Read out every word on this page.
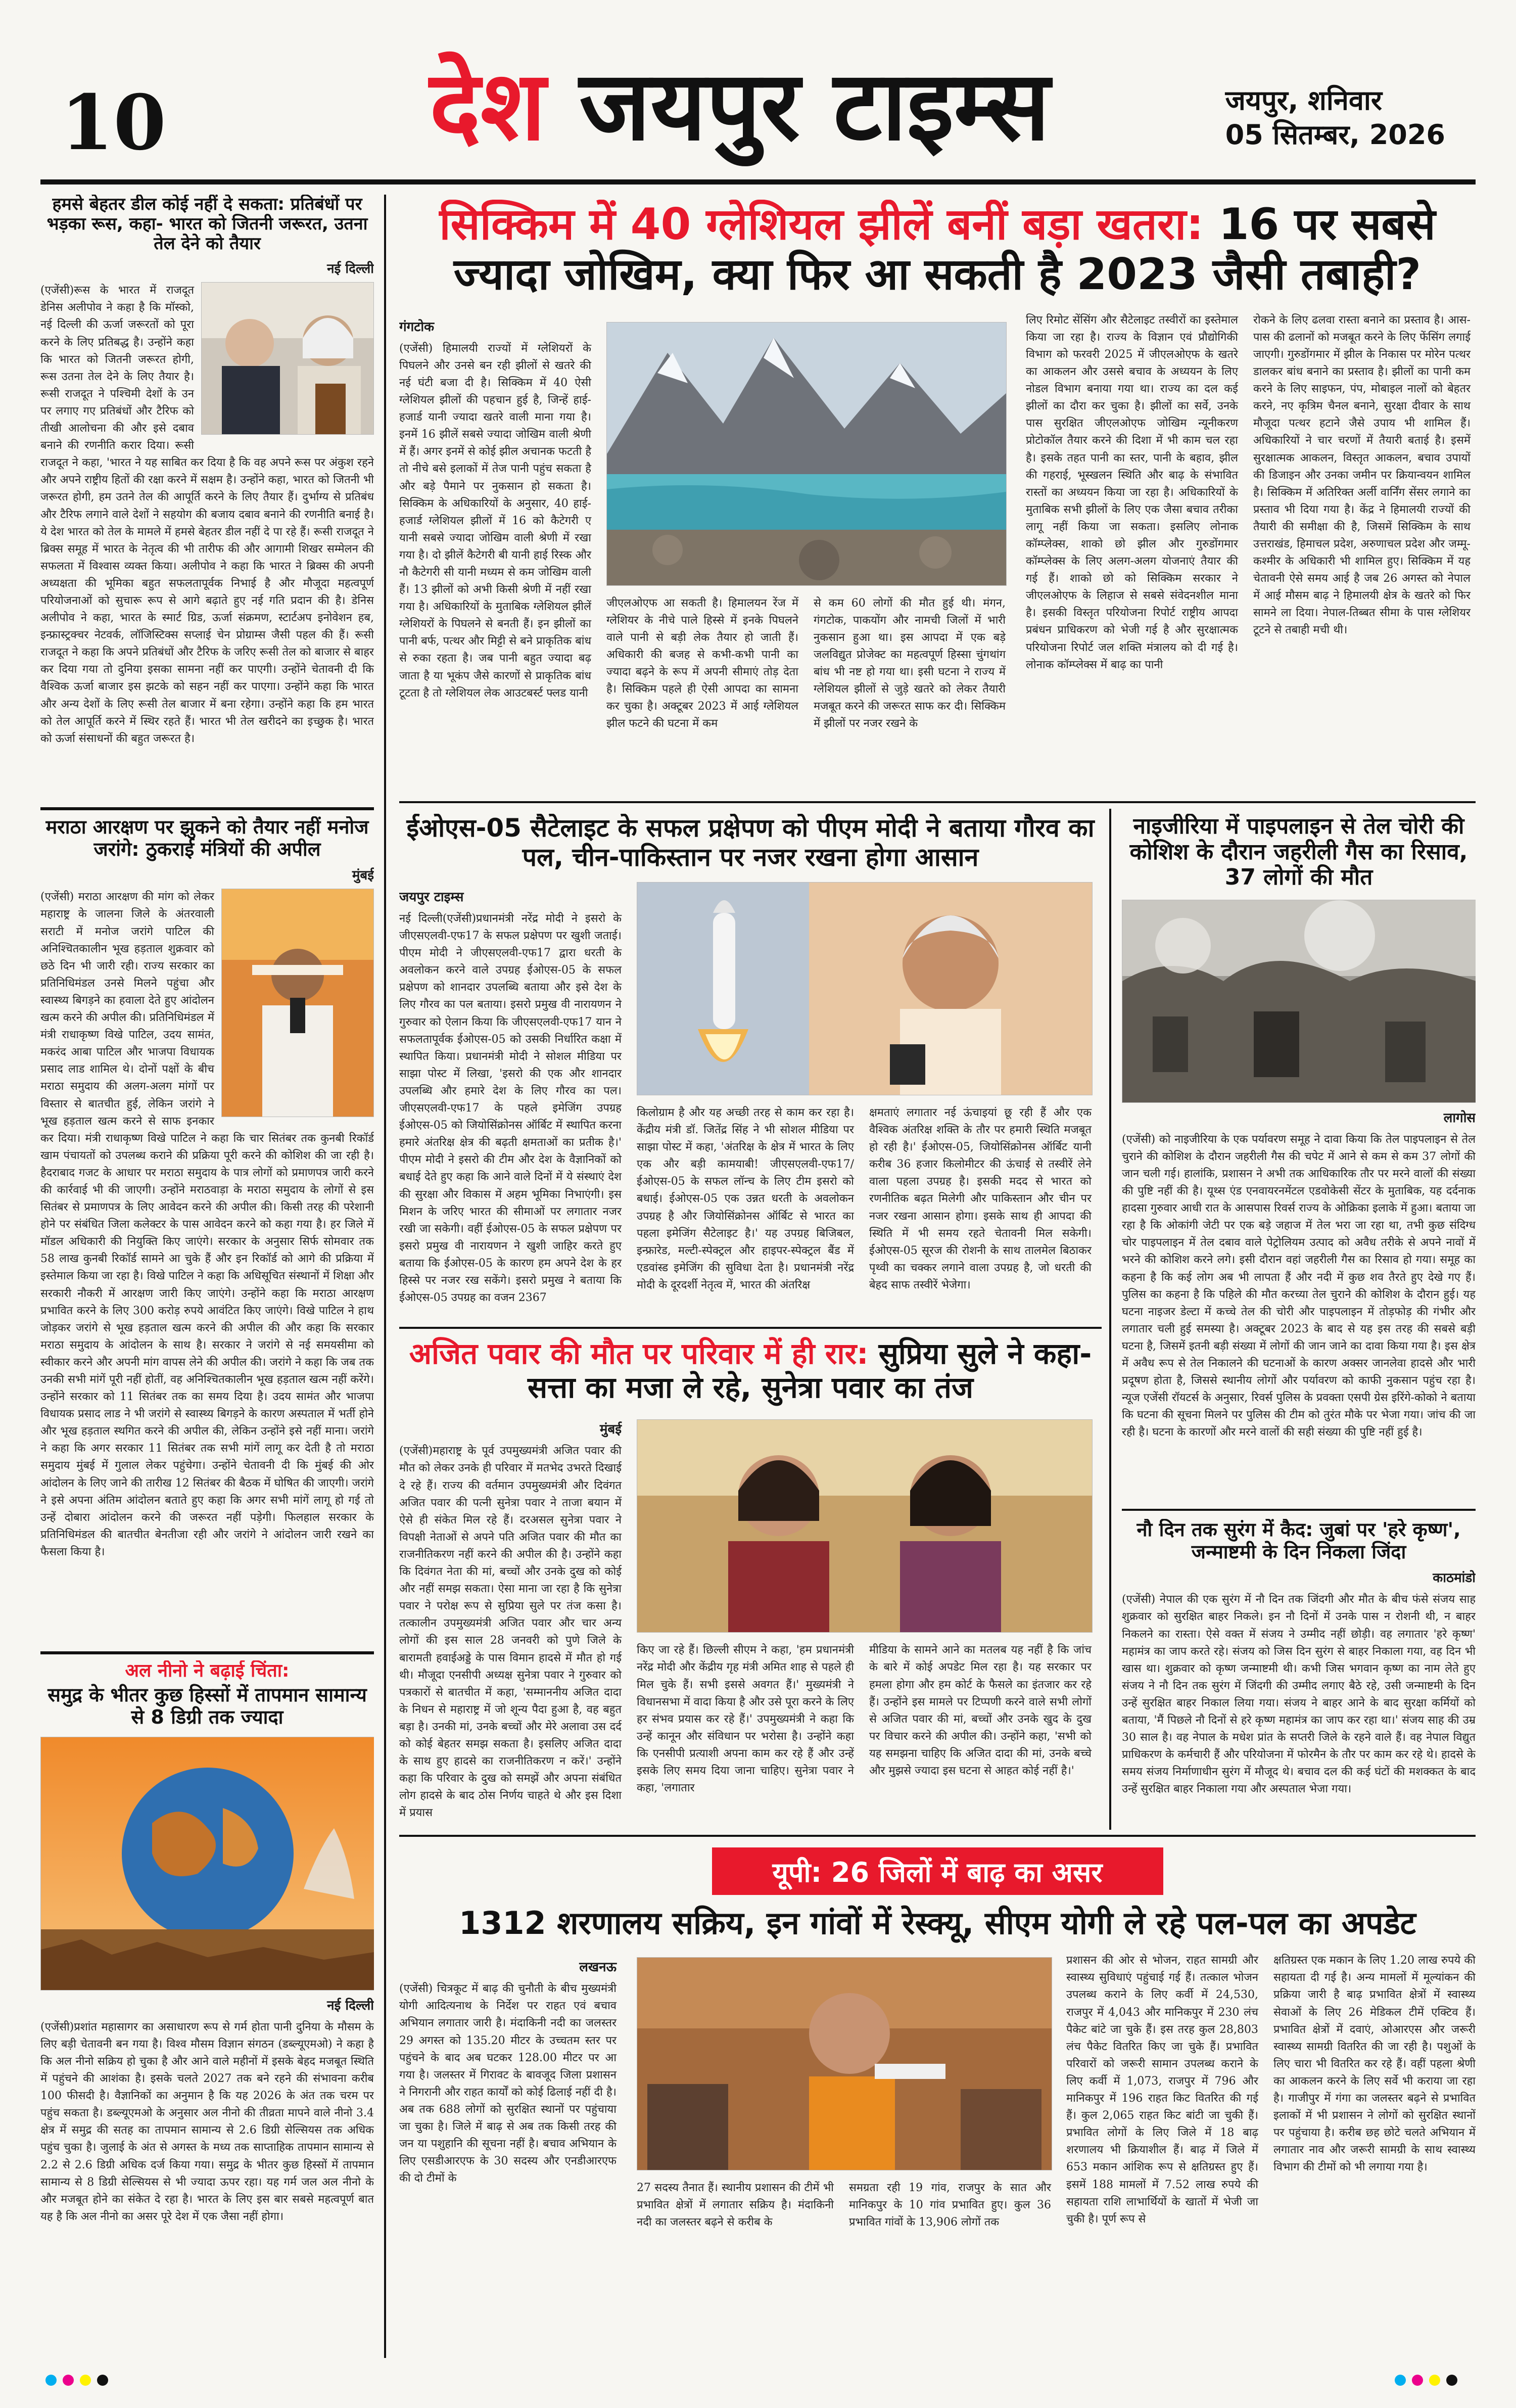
10	देश जयपुर टाइम्स	जयपुर, शनिवार
05 सितम्बर, 2026
हमसे बेहतर डील कोई नहीं दे सकता: प्रतिबंधों पर भड़का रूस, कहा- भारत को जितनी जरूरत, उतना तेल देने को तैयार
नई दिल्ली
(एजेंसी)रूस के भारत में राजदूत डेनिस अलीपोव ने कहा है कि मॉस्को, नई दिल्ली की ऊर्जा जरूरतों को पूरा करने के लिए प्रतिबद्ध है। उन्होंने कहा कि भारत को जितनी जरूरत होगी, रूस उतना तेल देने के लिए तैयार है। रूसी राजदूत ने पश्चिमी देशों के उन पर लगाए गए प्रतिबंधों और टैरिफ को तीखी आलोचना की और इसे दबाव बनाने की रणनीति करार दिया। रूसी राजदूत ने कहा, 'भारत ने यह साबित कर दिया है कि वह अपने रूस पर अंकुश रहने और अपने राष्ट्रीय हितों की रक्षा करने में सक्षम है। उन्होंने कहा, भारत को जितनी भी जरूरत होगी, हम उतने तेल की आपूर्ति करने के लिए तैयार हैं। दुर्भाग्य से प्रतिबंध और टैरिफ लगाने वाले देशों ने सहयोग की बजाय दबाव बनाने की रणनीति बनाई है। ये देश भारत को तेल के मामले में हमसे बेहतर डील नहीं दे पा रहे हैं। रूसी राजदूत ने ब्रिक्स समूह में भारत के नेतृत्व की भी तारीफ की और आगामी शिखर सम्मेलन की सफलता में विश्वास व्यक्त किया। अलीपोव ने कहा कि भारत ने ब्रिक्स की अपनी अध्यक्षता की भूमिका बहुत सफलतापूर्वक निभाई है और मौजूदा महत्वपूर्ण परियोजनाओं को सुचारू रूप से आगे बढ़ाते हुए नई गति प्रदान की है। डेनिस अलीपोव ने कहा, भारत के स्मार्ट ग्रिड, ऊर्जा संक्रमण, स्टार्टअप इनोवेशन हब, इन्फ्रास्ट्रक्चर नेटवर्क, लॉजिस्टिक्स सप्लाई चेन प्रोग्राम्स जैसी पहल की हैं। रूसी राजदूत ने कहा कि अपने प्रतिबंधों और टैरिफ के जरिए रूसी तेल को बाजार से बाहर कर दिया गया तो दुनिया इसका सामना नहीं कर पाएगी। उन्होंने चेतावनी दी कि वैश्विक ऊर्जा बाजार इस झटके को सहन नहीं कर पाएगा। उन्होंने कहा कि भारत और अन्य देशों के लिए रूसी तेल बाजार में बना रहेगा। उन्होंने कहा कि हम भारत को तेल आपूर्ति करने में स्थिर रहते हैं। भारत भी तेल खरीदने का इच्छुक है। भारत को ऊर्जा संसाधनों की बहुत जरूरत है।
मराठा आरक्षण पर झुकने को तैयार नहीं मनोज जरांगे: ठुकराई मंत्रियों की अपील
मुंबई
(एजेंसी) मराठा आरक्षण की मांग को लेकर महाराष्ट्र के जालना जिले के अंतरवाली सराटी में मनोज जरांगे पाटिल की अनिश्चितकालीन भूख हड़ताल शुक्रवार को छठे दिन भी जारी रही। राज्य सरकार का प्रतिनिधिमंडल उनसे मिलने पहुंचा और स्वास्थ्य बिगड़ने का हवाला देते हुए आंदोलन खत्म करने की अपील की। प्रतिनिधिमंडल में मंत्री राधाकृष्ण विखे पाटिल, उदय सामंत, मकरंद आबा पाटिल और भाजपा विधायक प्रसाद लाड शामिल थे। दोनों पक्षों के बीच मराठा समुदाय की अलग-अलग मांगों पर विस्तार से बातचीत हुई, लेकिन जरांगे ने भूख हड़ताल खत्म करने से साफ इनकार कर दिया। मंत्री राधाकृष्ण विखे पाटिल ने कहा कि चार सितंबर तक कुनबी रिकॉर्ड खाम पंचायतों को उपलब्ध कराने की प्रक्रिया पूरी करने की कोशिश की जा रही है। हैदराबाद गजट के आधार पर मराठा समुदाय के पात्र लोगों को प्रमाणपत्र जारी करने की कार्रवाई भी की जाएगी। उन्होंने मराठवाड़ा के मराठा समुदाय के लोगों से इस सितंबर से प्रमाणपत्र के लिए आवेदन करने की अपील की। किसी तरह की परेशानी होने पर संबंधित जिला कलेक्टर के पास आवेदन करने को कहा गया है। हर जिले में मॉडल अधिकारी की नियुक्ति किए जाएंगे। सरकार के अनुसार सिर्फ सोमवार तक 58 लाख कुनबी रिकॉर्ड सामने आ चुके हैं और इन रिकॉर्ड को आगे की प्रक्रिया में इस्तेमाल किया जा रहा है। विखे पाटिल ने कहा कि अधिसूचित संस्थानों में शिक्षा और सरकारी नौकरी में आरक्षण जारी किए जाएंगे। उन्होंने कहा कि मराठा आरक्षण प्रभावित करने के लिए 300 करोड़ रुपये आवंटित किए जाएंगे। विखे पाटिल ने हाथ जोड़कर जरांगे से भूख हड़ताल खत्म करने की अपील की और कहा कि सरकार मराठा समुदाय के आंदोलन के साथ है। सरकार ने जरांगे से नई समयसीमा को स्वीकार करने और अपनी मांग वापस लेने की अपील की। जरांगे ने कहा कि जब तक उनकी सभी मांगें पूरी नहीं होतीं, वह अनिश्चितकालीन भूख हड़ताल खत्म नहीं करेंगे। उन्होंने सरकार को 11 सितंबर तक का समय दिया है। उदय सामंत और भाजपा विधायक प्रसाद लाड ने भी जरांगे से स्वास्थ्य बिगड़ने के कारण अस्पताल में भर्ती होने और भूख हड़ताल स्थगित करने की अपील की, लेकिन उन्होंने इसे नहीं माना। जरांगे ने कहा कि अगर सरकार 11 सितंबर तक सभी मांगें लागू कर देती है तो मराठा समुदाय मुंबई में गुलाल लेकर पहुंचेगा। उन्होंने चेतावनी दी कि मुंबई की ओर आंदोलन के लिए जाने की तारीख 12 सितंबर की बैठक में घोषित की जाएगी। जरांगे ने इसे अपना अंतिम आंदोलन बताते हुए कहा कि अगर सभी मांगें लागू हो गई तो उन्हें दोबारा आंदोलन करने की जरूरत नहीं पड़ेगी। फिलहाल सरकार के प्रतिनिधिमंडल की बातचीत बेनतीजा रही और जरांगे ने आंदोलन जारी रखने का फैसला किया है।
अल नीनो ने बढ़ाई चिंता:
समुद्र के भीतर कुछ हिस्सों में तापमान सामान्य से 8 डिग्री तक ज्यादा
नई दिल्ली
(एजेंसी)प्रशांत महासागर का असाधारण रूप से गर्म होता पानी दुनिया के मौसम के लिए बड़ी चेतावनी बन गया है। विश्व मौसम विज्ञान संगठन (डब्ल्यूएमओ) ने कहा है कि अल नीनो सक्रिय हो चुका है और आने वाले महीनों में इसके बेहद मजबूत स्थिति में पहुंचने की आशंका है। इसके चलते 2027 तक बने रहने की संभावना करीब 100 फीसदी है। वैज्ञानिकों का अनुमान है कि यह 2026 के अंत तक चरम पर पहुंच सकता है। डब्ल्यूएमओ के अनुसार अल नीनो की तीव्रता मापने वाले नीनो 3.4 क्षेत्र में समुद्र की सतह का तापमान सामान्य से 2.6 डिग्री सेल्सियस तक अधिक पहुंच चुका है। जुलाई के अंत से अगस्त के मध्य तक साप्ताहिक तापमान सामान्य से 2.2 से 2.6 डिग्री अधिक दर्ज किया गया। समुद्र के भीतर कुछ हिस्सों में तापमान सामान्य से 8 डिग्री सेल्सियस से भी ज्यादा ऊपर रहा। यह गर्म जल अल नीनो के और मजबूत होने का संकेत दे रहा है। भारत के लिए इस बार सबसे महत्वपूर्ण बात यह है कि अल नीनो का असर पूरे देश में एक जैसा नहीं होगा।
सिक्किम में 40 ग्लेशियल झीलें बनीं बड़ा खतरा: 16 पर सबसे ज्यादा जोखिम, क्या फिर आ सकती है 2023 जैसी तबाही?
गंगटोक
(एजेंसी) हिमालयी राज्यों में ग्लेशियरों के पिघलने और उनसे बन रही झीलों से खतरे की नई घंटी बजा दी है। सिक्किम में 40 ऐसी ग्लेशियल झीलों की पहचान हुई है, जिन्हें हाई-हजार्ड यानी ज्यादा खतरे वाली माना गया है। इनमें 16 झीलें सबसे ज्यादा जोखिम वाली श्रेणी में हैं। अगर इनमें से कोई झील अचानक फटती है तो नीचे बसे इलाकों में तेज पानी पहुंच सकता है और बड़े पैमाने पर नुकसान हो सकता है। सिक्किम के अधिकारियों के अनुसार, 40 हाई-हजार्ड ग्लेशियल झीलों में 16 को कैटेगरी ए यानी सबसे ज्यादा जोखिम वाली श्रेणी में रखा गया है। दो झीलें कैटेगरी बी यानी हाई रिस्क और नौ कैटेगरी सी यानी मध्यम से कम जोखिम वाली हैं। 13 झीलों को अभी किसी श्रेणी में नहीं रखा गया है। अधिकारियों के मुताबिक ग्लेशियल झीलें ग्लेशियरों के पिघलने से बनती हैं। इन झीलों का पानी बर्फ, पत्थर और मिट्टी से बने प्राकृतिक बांध से रुका रहता है। जब पानी बहुत ज्यादा बढ़ जाता है या भूकंप जैसे कारणों से प्राकृतिक बांध टूटता है तो ग्लेशियल लेक आउटबर्स्ट फ्लड यानी
जीएलओएफ आ सकती है। हिमालयन रेंज में ग्लेशियर के नीचे पाले हिस्से में इनके पिघलने वाले पानी से बड़ी लेक तैयार हो जाती हैं। अधिकारी की बजह से कभी-कभी पानी का ज्यादा बढ़ने के रूप में अपनी सीमाएं तोड़ देता है। सिक्किम पहले ही ऐसी आपदा का सामना कर चुका है। अक्टूबर 2023 में आई ग्लेशियल झील फटने की घटना में कम
से कम 60 लोगों की मौत हुई थी। मंगन, गंगटोक, पाकयोंग और नामची जिलों में भारी नुकसान हुआ था। इस आपदा में एक बड़े जलविद्युत प्रोजेक्ट का महत्वपूर्ण हिस्सा चुंगथांग बांध भी नष्ट हो गया था। इसी घटना ने राज्य में ग्लेशियल झीलों से जुड़े खतरे को लेकर तैयारी मजबूत करने की जरूरत साफ कर दी। सिक्किम में झीलों पर नजर रखने के
लिए रिमोट सेंसिंग और सैटेलाइट तस्वीरों का इस्तेमाल किया जा रहा है। राज्य के विज्ञान एवं प्रौद्योगिकी विभाग को फरवरी 2025 में जीएलओएफ के खतरे का आकलन और उससे बचाव के अध्ययन के लिए नोडल विभाग बनाया गया था। राज्य का दल कई झीलों का दौरा कर चुका है। झीलों का सर्वे, उनके पास सुरक्षित जीएलओएफ जोखिम न्यूनीकरण प्रोटोकॉल तैयार करने की दिशा में भी काम चल रहा है। इसके तहत पानी का स्तर, पानी के बहाव, झील की गहराई, भूस्खलन स्थिति और बाढ़ के संभावित रास्तों का अध्ययन किया जा रहा है। अधिकारियों के मुताबिक सभी झीलों के लिए एक जैसा बचाव तरीका लागू नहीं किया जा सकता। इसलिए लोनाक कॉम्प्लेक्स, शाको छो झील और गुरुडोंगमार कॉम्प्लेक्स के लिए अलग-अलग योजनाएं तैयार की गई हैं। शाको छो को सिक्किम सरकार ने जीएलओएफ के लिहाज से सबसे संवेदनशील माना है। इसकी विस्तृत परियोजना रिपोर्ट राष्ट्रीय आपदा प्रबंधन प्राधिकरण को भेजी गई है और सुरक्षात्मक परियोजना रिपोर्ट जल शक्ति मंत्रालय को दी गई है। लोनाक कॉम्प्लेक्स में बाढ़ का पानी
रोकने के लिए ढलवा रास्ता बनाने का प्रस्ताव है। आस-पास की ढलानों को मजबूत करने के लिए फेंसिंग लगाई जाएगी। गुरुडोंगमार में झील के निकास पर मोरेन पत्थर डालकर बांध बनाने का प्रस्ताव है। झीलों का पानी कम करने के लिए साइफन, पंप, मोबाइल नालों को बेहतर करने, नए कृत्रिम चैनल बनाने, सुरक्षा दीवार के साथ मौजूदा पत्थर हटाने जैसे उपाय भी शामिल हैं। अधिकारियों ने चार चरणों में तैयारी बताई है। इसमें सुरक्षात्मक आकलन, विस्तृत आकलन, बचाव उपायों की डिजाइन और उनका जमीन पर क्रियान्वयन शामिल है। सिक्किम में अतिरिक्त अर्ली वार्निंग सेंसर लगाने का प्रस्ताव भी दिया गया है। केंद्र ने हिमालयी राज्यों की तैयारी की समीक्षा की है, जिसमें सिक्किम के साथ उत्तराखंड, हिमाचल प्रदेश, अरुणाचल प्रदेश और जम्मू-कश्मीर के अधिकारी भी शामिल हुए। सिक्किम में यह चेतावनी ऐसे समय आई है जब 26 अगस्त को नेपाल में आई मौसम बाढ़ ने हिमालयी क्षेत्र के खतरे को फिर सामने ला दिया। नेपाल-तिब्बत सीमा के पास ग्लेशियर टूटने से तबाही मची थी।
ईओएस-05 सैटेलाइट के सफल प्रक्षेपण को पीएम मोदी ने बताया गौरव का पल, चीन-पाकिस्तान पर नजर रखना होगा आसान
जयपुर टाइम्स
नई दिल्ली(एजेंसी)प्रधानमंत्री नरेंद्र मोदी ने इसरो के जीएसएलवी-एफ17 के सफल प्रक्षेपण पर खुशी जताई। पीएम मोदी ने जीएसएलवी-एफ17 द्वारा धरती के अवलोकन करने वाले उपग्रह ईओएस-05 के सफल प्रक्षेपण को शानदार उपलब्धि बताया और इसे देश के लिए गौरव का पल बताया। इसरो प्रमुख वी नारायणन ने गुरुवार को ऐलान किया कि जीएसएलवी-एफ17 यान ने सफलतापूर्वक ईओएस-05 को उसकी निर्धारित कक्षा में स्थापित किया। प्रधानमंत्री मोदी ने सोशल मीडिया पर साझा पोस्ट में लिखा, 'इसरो की एक और शानदार उपलब्धि और हमारे देश के लिए गौरव का पल। जीएसएलवी-एफ17 के पहले इमेजिंग उपग्रह ईओएस-05 को जियोसिंक्रोनस ऑर्बिट में स्थापित करना हमारे अंतरिक्ष क्षेत्र की बढ़ती क्षमताओं का प्रतीक है।' पीएम मोदी ने इसरो की टीम और देश के वैज्ञानिकों को बधाई देते हुए कहा कि आने वाले दिनों में ये संस्थाएं देश की सुरक्षा और विकास में अहम भूमिका निभाएंगी। इस मिशन के जरिए भारत की सीमाओं पर लगातार नजर रखी जा सकेगी। वहीं ईओएस-05 के सफल प्रक्षेपण पर इसरो प्रमुख वी नारायणन ने खुशी जाहिर करते हुए बताया कि ईओएस-05 के कारण हम अपने देश के हर हिस्से पर नजर रख सकेंगे। इसरो प्रमुख ने बताया कि ईओएस-05 उपग्रह का वजन 2367
किलोग्राम है और यह अच्छी तरह से काम कर रहा है। केंद्रीय मंत्री डॉ. जितेंद्र सिंह ने भी सोशल मीडिया पर साझा पोस्ट में कहा, 'अंतरिक्ष के क्षेत्र में भारत के लिए एक और बड़ी कामयाबी! जीएसएलवी-एफ17/ईओएस-05 के सफल लॉन्च के लिए टीम इसरो को बधाई। ईओएस-05 एक उन्नत धरती के अवलोकन उपग्रह है और जियोसिंक्रोनस ऑर्बिट से भारत का पहला इमेजिंग सैटेलाइट है।' यह उपग्रह बिजिबल, इन्फ्रारेड, मल्टी-स्पेक्ट्रल और हाइपर-स्पेक्ट्रल बैंड में एडवांस्ड इमेजिंग की सुविधा देता है। प्रधानमंत्री नरेंद्र मोदी के दूरदर्शी नेतृत्व में, भारत की अंतरिक्ष
क्षमताएं लगातार नई ऊंचाइयां छू रही हैं और एक वैश्विक अंतरिक्ष शक्ति के तौर पर हमारी स्थिति मजबूत हो रही है।' ईओएस-05, जियोसिंक्रोनस ऑर्बिट यानी करीब 36 हजार किलोमीटर की ऊंचाई से तस्वीरें लेने वाला पहला उपग्रह है। इसकी मदद से भारत को रणनीतिक बढ़त मिलेगी और पाकिस्तान और चीन पर नजर रखना आसान होगा। इसके साथ ही आपदा की स्थिति में भी समय रहते चेतावनी मिल सकेगी। ईओएस-05 सूरज की रोशनी के साथ तालमेल बिठाकर पृथ्वी का चक्कर लगाने वाला उपग्रह है, जो धरती की बेहद साफ तस्वीरें भेजेगा।
नाइजीरिया में पाइपलाइन से तेल चोरी की कोशिश के दौरान जहरीली गैस का रिसाव, 37 लोगों की मौत
लागोस
(एजेंसी) को नाइजीरिया के एक पर्यावरण समूह ने दावा किया कि तेल पाइपलाइन से तेल चुराने की कोशिश के दौरान जहरीली गैस की चपेट में आने से कम से कम 37 लोगों की जान चली गई। हालांकि, प्रशासन ने अभी तक आधिकारिक तौर पर मरने वालों की संख्या की पुष्टि नहीं की है। यूथ्स एंड एनवायरनमेंटल एडवोकेसी सेंटर के मुताबिक, यह दर्दनाक हादसा गुरुवार आधी रात के आसपास रिवर्स राज्य के ओक्रिका इलाके में हुआ। बताया जा रहा है कि ओकांगी जेटी पर एक बड़े जहाज में तेल भरा जा रहा था, तभी कुछ संदिग्ध चोर पाइपलाइन में तेल दबाव वाले पेट्रोलियम उत्पाद को अवैध तरीके से अपने नावों में भरने की कोशिश करने लगे। इसी दौरान वहां जहरीली गैस का रिसाव हो गया। समूह का कहना है कि कई लोग अब भी लापता हैं और नदी में कुछ शव तैरते हुए देखे गए हैं। पुलिस का कहना है कि पहिले की मौत करच्या तेल चुराने की कोशिश के दौरान हुई। यह घटना नाइजर डेल्टा में कच्चे तेल की चोरी और पाइपलाइन में तोड़फोड़ की गंभीर और लगातार चली हुई समस्या है। अक्टूबर 2023 के बाद से यह इस तरह की सबसे बड़ी घटना है, जिसमें इतनी बड़ी संख्या में लोगों की जान जाने का दावा किया गया है। इस क्षेत्र में अवैध रूप से तेल निकालने की घटनाओं के कारण अक्सर जानलेवा हादसे और भारी प्रदूषण होता है, जिससे स्थानीय लोगों और पर्यावरण को काफी नुकसान पहुंच रहा है। न्यूज एजेंसी रॉयटर्स के अनुसार, रिवर्स पुलिस के प्रवक्ता एसपी ग्रेस इरिंगे-कोको ने बताया कि घटना की सूचना मिलने पर पुलिस की टीम को तुरंत मौके पर भेजा गया। जांच की जा रही है। घटना के कारणों और मरने वालों की सही संख्या की पुष्टि नहीं हुई है।
नौ दिन तक सुरंग में कैद: जुबां पर 'हरे कृष्ण', जन्माष्टमी के दिन निकला जिंदा
काठमांडो
(एजेंसी) नेपाल की एक सुरंग में नौ दिन तक जिंदगी और मौत के बीच फंसे संजय साह शुक्रवार को सुरक्षित बाहर निकले। इन नौ दिनों में उनके पास न रोशनी थी, न बाहर निकलने का रास्ता। ऐसे वक्त में संजय ने उम्मीद नहीं छोड़ी। वह लगातार 'हरे कृष्ण' महामंत्र का जाप करते रहे। संजय को जिस दिन सुरंग से बाहर निकाला गया, वह दिन भी खास था। शुक्रवार को कृष्ण जन्माष्टमी थी। कभी जिस भगवान कृष्ण का नाम लेते हुए संजय ने नौ दिन तक सुरंग में जिंदगी की उम्मीद लगाए बैठे रहे, उसी जन्माष्टमी के दिन उन्हें सुरक्षित बाहर निकाल लिया गया। संजय ने बाहर आने के बाद सुरक्षा कर्मियों को बताया, 'मैं पिछले नौ दिनों से हरे कृष्ण महामंत्र का जाप कर रहा था।' संजय साह की उम्र 30 साल है। वह नेपाल के मधेश प्रांत के सप्तरी जिले के रहने वाले हैं। वह नेपाल विद्युत प्राधिकरण के कर्मचारी हैं और परियोजना में फोरमैन के तौर पर काम कर रहे थे। हादसे के समय संजय निर्माणाधीन सुरंग में मौजूद थे। बचाव दल की कई घंटों की मशक्कत के बाद उन्हें सुरक्षित बाहर निकाला गया और अस्पताल भेजा गया।
अजित पवार की मौत पर परिवार में ही रार: सुप्रिया सुले ने कहा- सत्ता का मजा ले रहे, सुनेत्रा पवार का तंज
मुंबई
(एजेंसी)महाराष्ट्र के पूर्व उपमुख्यमंत्री अजित पवार की मौत को लेकर उनके ही परिवार में मतभेद उभरते दिखाई दे रहे हैं। राज्य की वर्तमान उपमुख्यमंत्री और दिवंगत अजित पवार की पत्नी सुनेत्रा पवार ने ताजा बयान में ऐसे ही संकेत मिल रहे हैं। दरअसल सुनेत्रा पवार ने विपक्षी नेताओं से अपने पति अजित पवार की मौत का राजनीतिकरण नहीं करने की अपील की है। उन्होंने कहा कि दिवंगत नेता की मां, बच्चों और उनके दुख को कोई और नहीं समझ सकता। ऐसा माना जा रहा है कि सुनेत्रा पवार ने परोक्ष रूप से सुप्रिया सुले पर तंज कसा है। तत्कालीन उपमुख्यमंत्री अजित पवार और चार अन्य लोगों की इस साल 28 जनवरी को पुणे जिले के बारामती हवाईअड्डे के पास विमान हादसे में मौत हो गई थी। मौजूदा एनसीपी अध्यक्ष सुनेत्रा पवार ने गुरुवार को पत्रकारों से बातचीत में कहा, 'सम्माननीय अजित दादा के निधन से महाराष्ट्र में जो शून्य पैदा हुआ है, वह बहुत बड़ा है। उनकी मां, उनके बच्चों और मेरे अलावा उस दर्द को कोई बेहतर समझ सकता है। इसलिए अजित दादा के साथ हुए हादसे का राजनीतिकरण न करें।' उन्होंने कहा कि परिवार के दुख को समझें और अपना संबंधित लोग हादसे के बाद ठोस निर्णय चाहते थे और इस दिशा में प्रयास
किए जा रहे हैं। छिल्ली सीएम ने कहा, 'हम प्रधानमंत्री नरेंद्र मोदी और केंद्रीय गृह मंत्री अमित शाह से पहले ही मिल चुके हैं। सभी इससे अवगत हैं।' मुख्यमंत्री ने विधानसभा में वादा किया है और उसे पूरा करने के लिए हर संभव प्रयास कर रहे हैं।' उपमुख्यमंत्री ने कहा कि उन्हें कानून और संविधान पर भरोसा है। उन्होंने कहा कि एनसीपी प्रत्याशी अपना काम कर रहे हैं और उन्हें इसके लिए समय दिया जाना चाहिए। सुनेत्रा पवार ने कहा, 'लगातार
मीडिया के सामने आने का मतलब यह नहीं है कि जांच के बारे में कोई अपडेट मिल रहा है। यह सरकार पर हमला होगा और हम कोर्ट के फैसले का इंतजार कर रहे हैं। उन्होंने इस मामले पर टिप्पणी करने वाले सभी लोगों से अजित पवार की मां, बच्चों और उनके खुद के दुख पर विचार करने की अपील की। उन्होंने कहा, 'सभी को यह समझना चाहिए कि अजित दादा की मां, उनके बच्चे और मुझसे ज्यादा इस घटना से आहत कोई नहीं है।'
यूपी: 26 जिलों में बाढ़ का असर
1312 शरणालय सक्रिय, इन गांवों में रेस्क्यू, सीएम योगी ले रहे पल-पल का अपडेट
लखनऊ
(एजेंसी) चित्रकूट में बाढ़ की चुनौती के बीच मुख्यमंत्री योगी आदित्यनाथ के निर्देश पर राहत एवं बचाव अभियान लगातार जारी है। मंदाकिनी नदी का जलस्तर 29 अगस्त को 135.20 मीटर के उच्चतम स्तर पर पहुंचने के बाद अब घटकर 128.00 मीटर पर आ गया है। जलस्तर में गिरावट के बावजूद जिला प्रशासन ने निगरानी और राहत कार्यों को कोई ढिलाई नहीं दी है। अब तक 688 लोगों को सुरक्षित स्थानों पर पहुंचाया जा चुका है। जिले में बाढ़ से अब तक किसी तरह की जन या पशुहानि की सूचना नहीं है। बचाव अभियान के लिए एसडीआरएफ के 30 सदस्य और एनडीआरएफ की दो टीमों के
27 सदस्य तैनात हैं। स्थानीय प्रशासन की टीमें भी प्रभावित क्षेत्रों में लगातार सक्रिय है। मंदाकिनी नदी का जलस्तर बढ़ने से करीब के
समग्रता रही 19 गांव, राजपुर के सात और मानिकपुर के 10 गांव प्रभावित हुए। कुल 36 प्रभावित गांवों के 13,906 लोगों तक
प्रशासन की ओर से भोजन, राहत सामग्री और स्वास्थ्य सुविधाएं पहुंचाई गई हैं। तत्काल भोजन उपलब्ध कराने के लिए कर्वी में 24,530, राजपुर में 4,043 और मानिकपुर में 230 लंच पैकेट बांटे जा चुके हैं। इस तरह कुल 28,803 लंच पैकेट वितरित किए जा चुके हैं। प्रभावित परिवारों को जरूरी सामान उपलब्ध कराने के लिए कर्वी में 1,073, राजपुर में 796 और मानिकपुर में 196 राहत किट वितरित की गई हैं। कुल 2,065 राहत किट बांटी जा चुकी हैं। प्रभावित लोगों के लिए जिले में 18 बाढ़ शरणालय भी क्रियाशील हैं। बाढ़ में जिले में 653 मकान आंशिक रूप से क्षतिग्रस्त हुए हैं। इसमें 188 मामलों में 7.52 लाख रुपये की सहायता राशि लाभार्थियों के खातों में भेजी जा चुकी है। पूर्ण रूप से
क्षतिग्रस्त एक मकान के लिए 1.20 लाख रुपये की सहायता दी गई है। अन्य मामलों में मूल्यांकन की प्रक्रिया जारी है बाढ़ प्रभावित क्षेत्रों में स्वास्थ्य सेवाओं के लिए 26 मेडिकल टीमें एक्टिव हैं। प्रभावित क्षेत्रों में दवाएं, ओआरएस और जरूरी स्वास्थ्य सामग्री वितरित की जा रही है। पशुओं के लिए चारा भी वितरित कर रहे हैं। वहीं पहला श्रेणी का आकलन करने के लिए सर्वे भी कराया जा रहा है। गाजीपुर में गंगा का जलस्तर बढ़ने से प्रभावित इलाकों में भी प्रशासन ने लोगों को सुरक्षित स्थानों पर पहुंचाया है। करीब छह छोटे चलते अभियान में लगातार नाव और जरूरी सामग्री के साथ स्वास्थ्य विभाग की टीमों को भी लगाया गया है।
